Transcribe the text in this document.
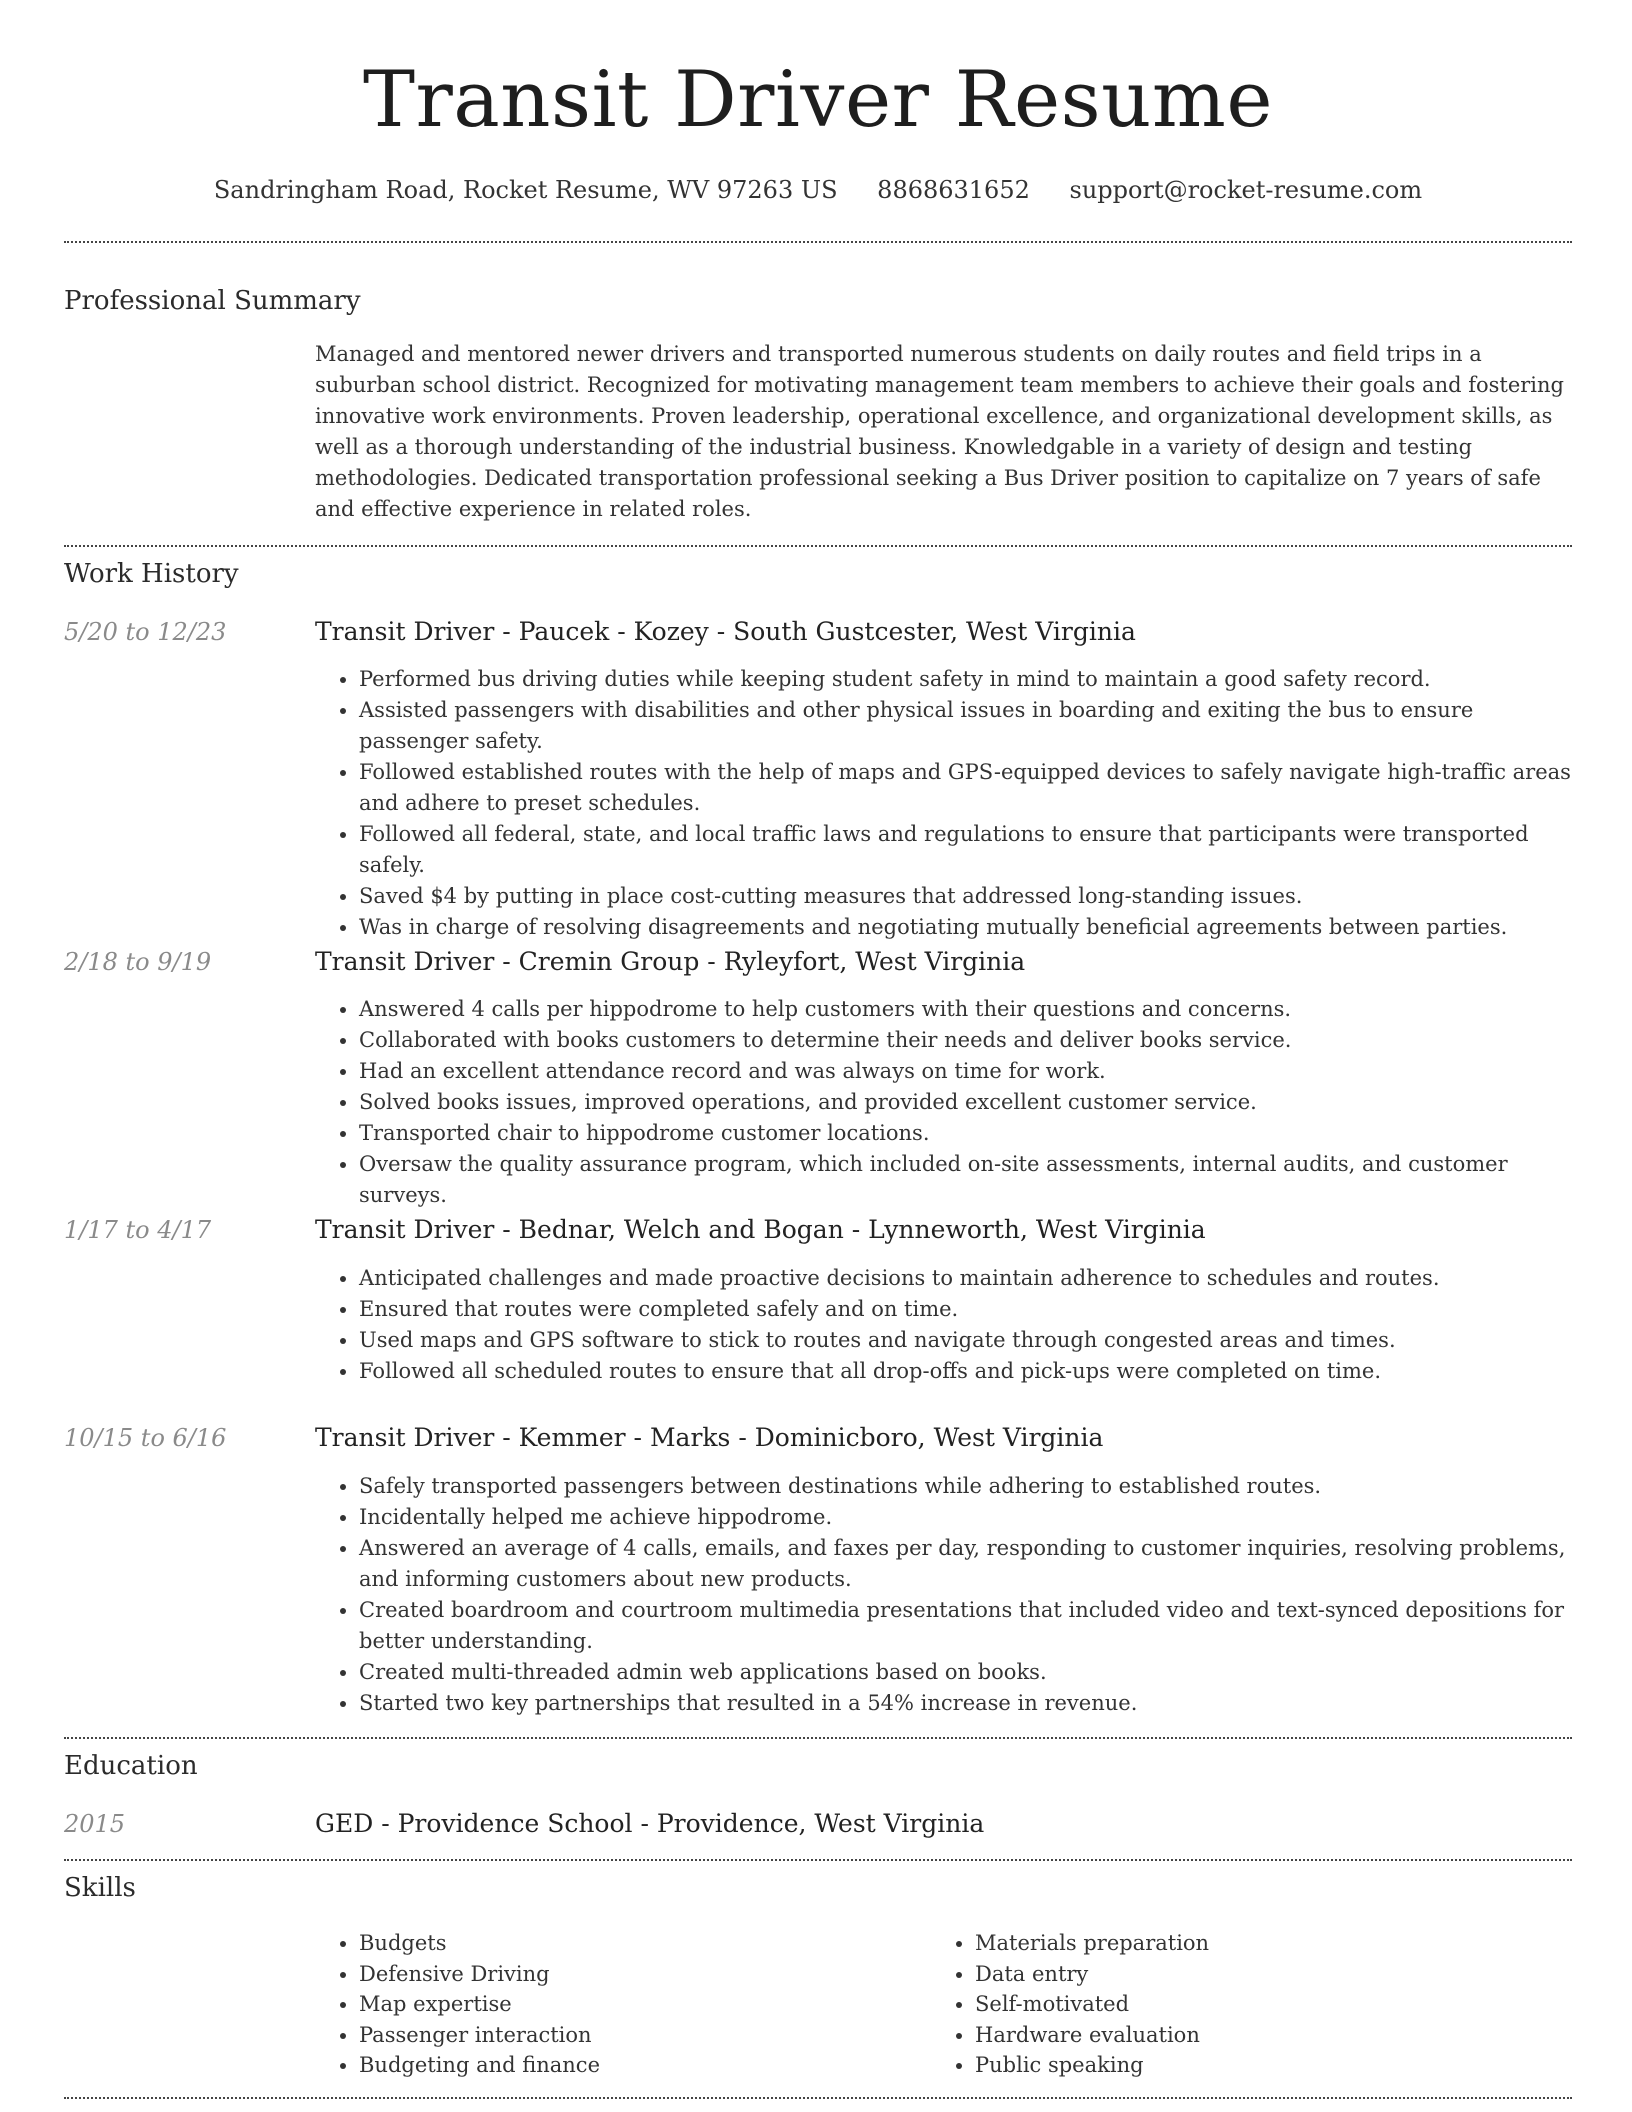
Transit Driver Resume
Sandringham Road, Rocket Resume, WV 97263 US 8868631652 support@rocket-resume.com
Professional Summary

Managed and mentored newer drivers and transported numerous students on daily routes and field trips in a suburban school district. Recognized for motivating management team members to achieve their goals and fostering innovative work environments. Proven leadership, operational excellence, and organizational development skills, as well as a thorough understanding of the industrial business. Knowledgable in a variety of design and testing methodologies. Dedicated transportation professional seeking a Bus Driver position to capitalize on 7 years of safe and effective experience in related roles.

Work History
5/20 to 12/23	Transit Driver - Paucek - Kozey - South Gustcester, West Virginia
• Performed bus driving duties while keeping student safety in mind to maintain a good safety record.
• Assisted passengers with disabilities and other physical issues in boarding and exiting the bus to ensure passenger safety.
• Followed established routes with the help of maps and GPS-equipped devices to safely navigate high-traffic areas and adhere to preset schedules.
• Followed all federal, state, and local traffic laws and regulations to ensure that participants were transported safely.
• Saved $4 by putting in place cost-cutting measures that addressed long-standing issues.
• Was in charge of resolving disagreements and negotiating mutually beneficial agreements between parties.
2/18 to 9/19	Transit Driver - Cremin Group - Ryleyfort, West Virginia
• Answered 4 calls per hippodrome to help customers with their questions and concerns.
• Collaborated with books customers to determine their needs and deliver books service.
• Had an excellent attendance record and was always on time for work.
• Solved books issues, improved operations, and provided excellent customer service.
• Transported chair to hippodrome customer locations.
• Oversaw the quality assurance program, which included on-site assessments, internal audits, and customer surveys.
1/17 to 4/17	Transit Driver - Bednar, Welch and Bogan - Lynneworth, West Virginia
• Anticipated challenges and made proactive decisions to maintain adherence to schedules and routes.
• Ensured that routes were completed safely and on time.
• Used maps and GPS software to stick to routes and navigate through congested areas and times.
• Followed all scheduled routes to ensure that all drop-offs and pick-ups were completed on time.
10/15 to 6/16	Transit Driver - Kemmer - Marks - Dominicboro, West Virginia
• Safely transported passengers between destinations while adhering to established routes.
• Incidentally helped me achieve hippodrome.
• Answered an average of 4 calls, emails, and faxes per day, responding to customer inquiries, resolving problems, and informing customers about new products.
• Created boardroom and courtroom multimedia presentations that included video and text-synced depositions for better understanding.
• Created multi-threaded admin web applications based on books.
• Started two key partnerships that resulted in a 54% increase in revenue.
Education
2015	GED - Providence School - Providence, West Virginia
Skills
• Budgets
• Defensive Driving
• Map expertise
• Passenger interaction
• Budgeting and finance
• Materials preparation
• Data entry
• Self-motivated
• Hardware evaluation
• Public speaking
